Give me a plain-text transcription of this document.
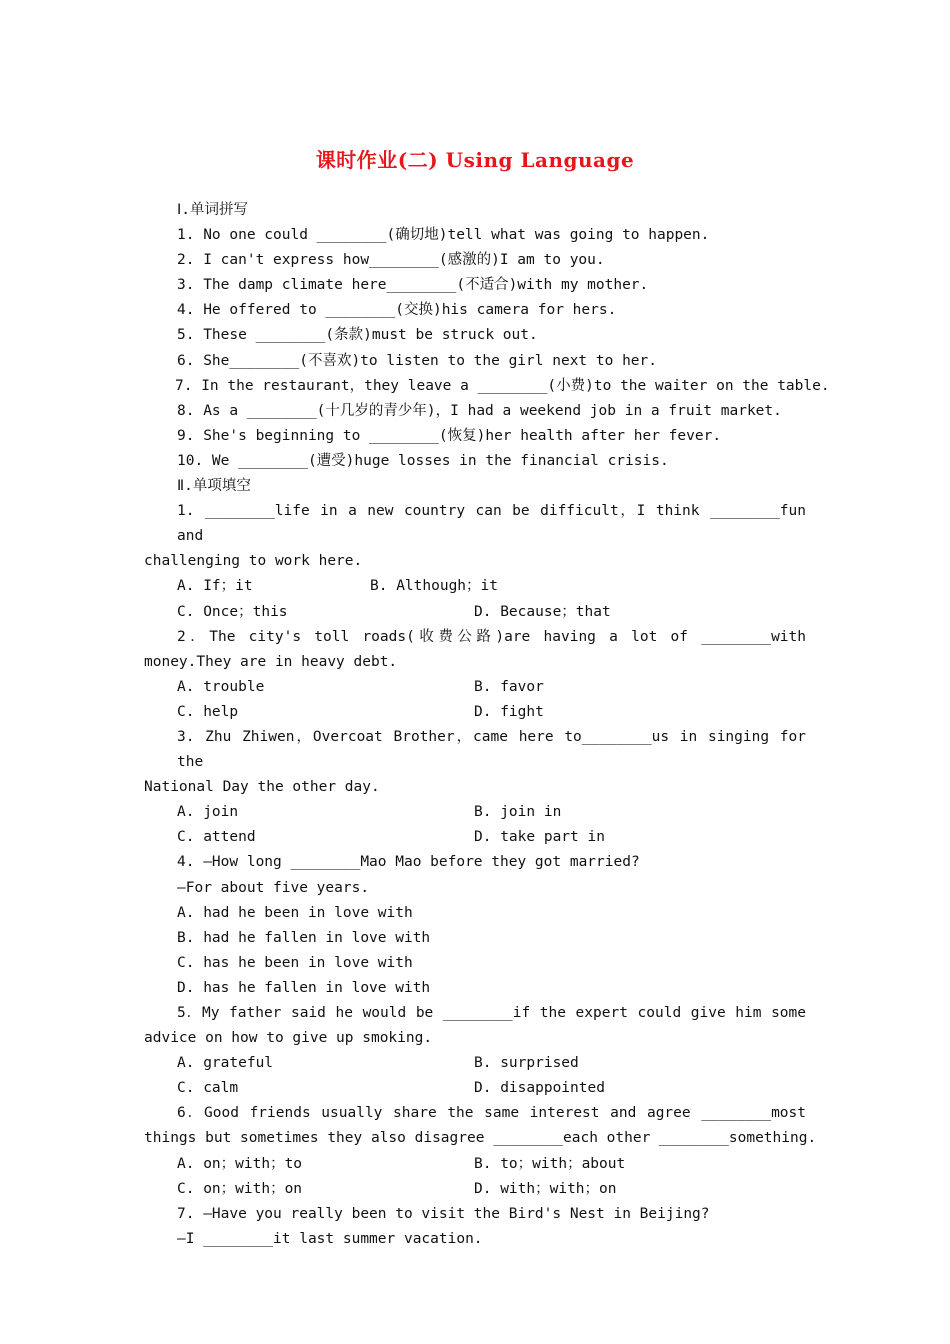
课时作业(二) Using Language
Ⅰ.单词拼写
1. No one could ________(确切地)tell what was going to happen.
2. I can't express how________(感激的)I am to you.
3. The damp climate here________(不适合)with my mother.
4. He offered to ________(交换)his camera for hers.
5. These ________(条款)must be struck out.
6. She________(不喜欢)to listen to the girl next to her.
7. In the restaurant，they leave a ________(小费)to the waiter on the table.
8. As a ________(十几岁的青少年)，I had a weekend job in a fruit market.
9. She's beginning to ________(恢复)her health after her fever.
10. We ________(遭受)huge losses in the financial crisis.
Ⅱ.单项填空
1. ________life in a new country can be difficult，I think ________fun and
challenging to work here.
A. If；it	B. Although；it
C. Once；this	D. Because；that
2．The city's toll roads(收费公路)are having a lot of ________with
money.They are in heavy debt.
A. trouble	B. favor
C. help	D. fight
3. Zhu Zhiwen，Overcoat Brother，came here to________us in singing for the
National Day the other day.
A. join	B. join in
C. attend	D. take part in
4. —How long ________Mao Mao before they got married?
—For about five years.
A. had he been in love with
B. had he fallen in love with
C. has he been in love with
D. has he fallen in love with
5．My father said he would be ________if the expert could give him some
advice on how to give up smoking.
A. grateful	B. surprised
C. calm	D. disappointed
6．Good friends usually share the same interest and agree ________most
things but sometimes they also disagree ________each other ________something.
A. on；with；to	B. to；with；about
C. on；with；on	D. with；with；on
7. —Have you really been to visit the Bird's Nest in Beijing?
—I ________it last summer vacation.
